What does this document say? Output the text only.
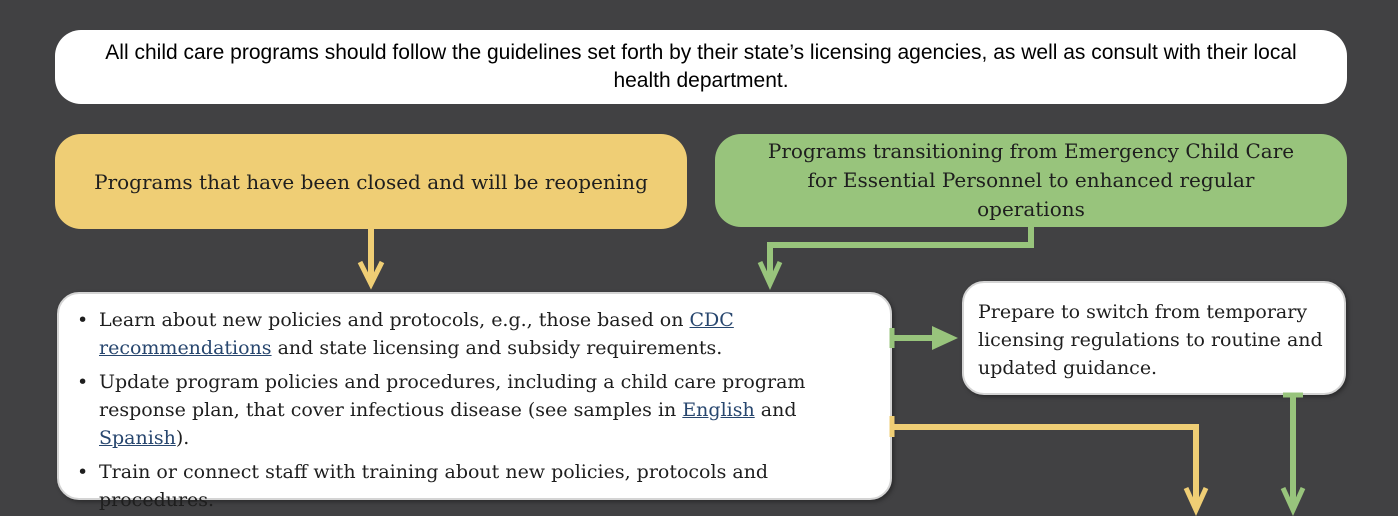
All child care programs should follow the guidelines set forth by their state’s licensing agencies, as well as consult with their local health department.
Programs that have been closed and will be reopening
Programs transitioning from Emergency Child Care for Essential Personnel to enhanced regular operations
• Learn about new policies and protocols, e.g., those based on CDC recommendations and state licensing and subsidy requirements.
• Update program policies and procedures, including a child care program response plan, that cover infectious disease (see samples in English and Spanish).
• Train or connect staff with training about new policies, protocols and procedures.
Prepare to switch from temporary licensing regulations to routine and updated guidance.
